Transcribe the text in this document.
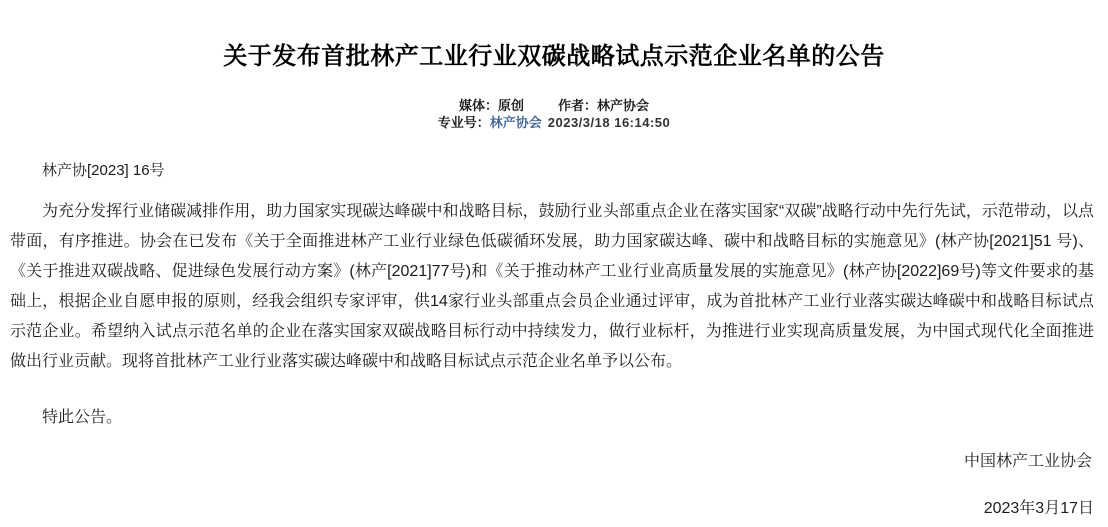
关于发布首批林产工业行业双碳战略试点示范企业名单的公告
媒体：原创	作者：林产协会
专业号：林产协会 2023/3/18 16:14:50
林产协[2023] 16号

为充分发挥行业储碳减排作用，助力国家实现碳达峰碳中和战略目标，鼓励行业头部重点企业在落实国家“双碳”战略行动中先行先试，示范带动，以点带面，有序推进。协会在已发布《关于全面推进林产工业行业绿色低碳循环发展，助力国家碳达峰、碳中和战略目标的实施意见》(林产协[2021]51 号)、《关于推进双碳战略、促进绿色发展行动方案》(林产[2021]77号)和《关于推动林产工业行业高质量发展的实施意见》(林产协[2022]69号)等文件要求的基础上，根据企业自愿申报的原则，经我会组织专家评审，供14家行业头部重点会员企业通过评审，成为首批林产工业行业落实碳达峰碳中和战略目标试点示范企业。希望纳入试点示范名单的企业在落实国家双碳战略目标行动中持续发力，做行业标杆，为推进行业实现高质量发展，为中国式现代化全面推进做出行业贡献。现将首批林产工业行业落实碳达峰碳中和战略目标试点示范企业名单予以公布。

特此公告。

中国林产工业协会
2023年3月17日
